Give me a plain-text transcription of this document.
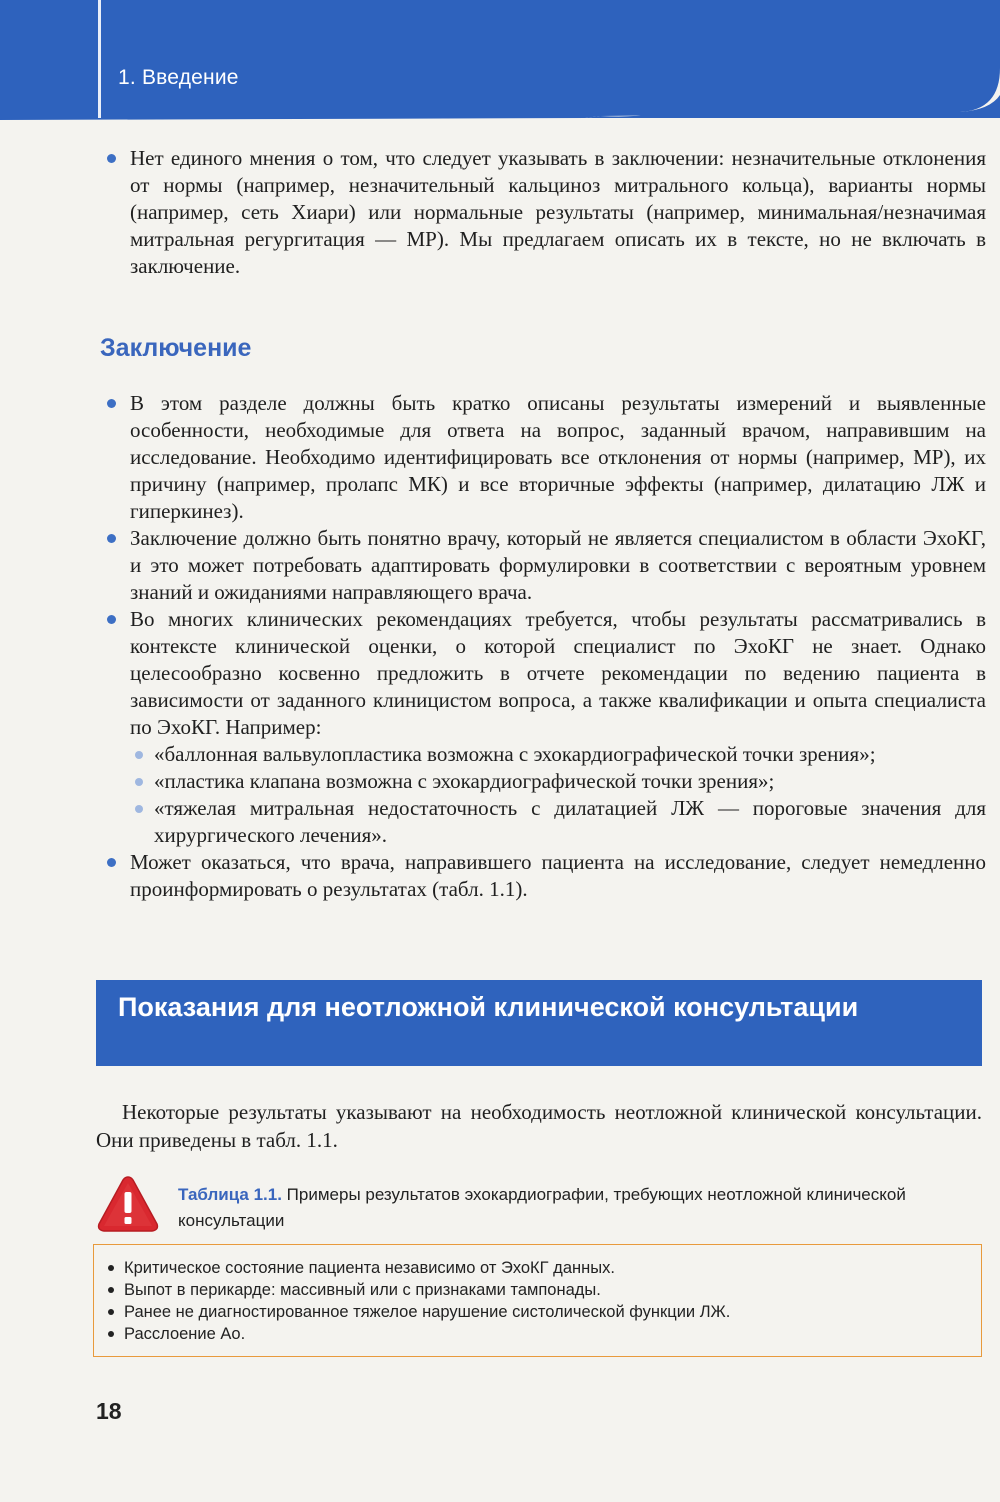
1. Введение
Нет единого мнения о том, что следует указывать в заключении: незначительные отклонения от нормы (например, незначительный кальциноз митрального кольца), варианты нормы (например, сеть Хиари) или нормальные результаты (например, минимальная/незначимая митральная регургитация — МР). Мы предлагаем описать их в тексте, но не включать в заключение.
Заключение
В этом разделе должны быть кратко описаны результаты измерений и выявленные особенности, необходимые для ответа на вопрос, заданный врачом, направившим на исследование. Необходимо идентифицировать все отклонения от нормы (например, МР), их причину (например, пролапс МК) и все вторичные эффекты (например, дилатацию ЛЖ и гиперкинез).
Заключение должно быть понятно врачу, который не является специалистом в области ЭхоКГ, и это может потребовать адаптировать формулировки в соответствии с вероятным уровнем знаний и ожиданиями направляющего врача.
Во многих клинических рекомендациях требуется, чтобы результаты рассматривались в контексте клинической оценки, о которой специалист по ЭхоКГ не знает. Однако целесообразно косвенно предложить в отчете рекомендации по ведению пациента в зависимости от заданного клиницистом вопроса, а также квалификации и опыта специалиста по ЭхоКГ. Например:
«баллонная вальвулопластика возможна с эхокардиографической точки зрения»;
«пластика клапана возможна с эхокардиографической точки зрения»;
«тяжелая митральная недостаточность с дилатацией ЛЖ — пороговые значения для хирургического лечения».
Может оказаться, что врача, направившего пациента на исследование, следует немедленно проинформировать о результатах (табл. 1.1).
Показания для неотложной клинической консультации

Некоторые результаты указывают на необходимость неотложной клинической консультации. Они приведены в табл. 1.1.

Таблица 1.1. Примеры результатов эхокардиографии, требующих неотложной клинической консультации
Критическое состояние пациента независимо от ЭхоКГ данных.
Выпот в перикарде: массивный или с признаками тампонады.
Ранее не диагностированное тяжелое нарушение систолической функции ЛЖ.
Расслоение Ао.
18
